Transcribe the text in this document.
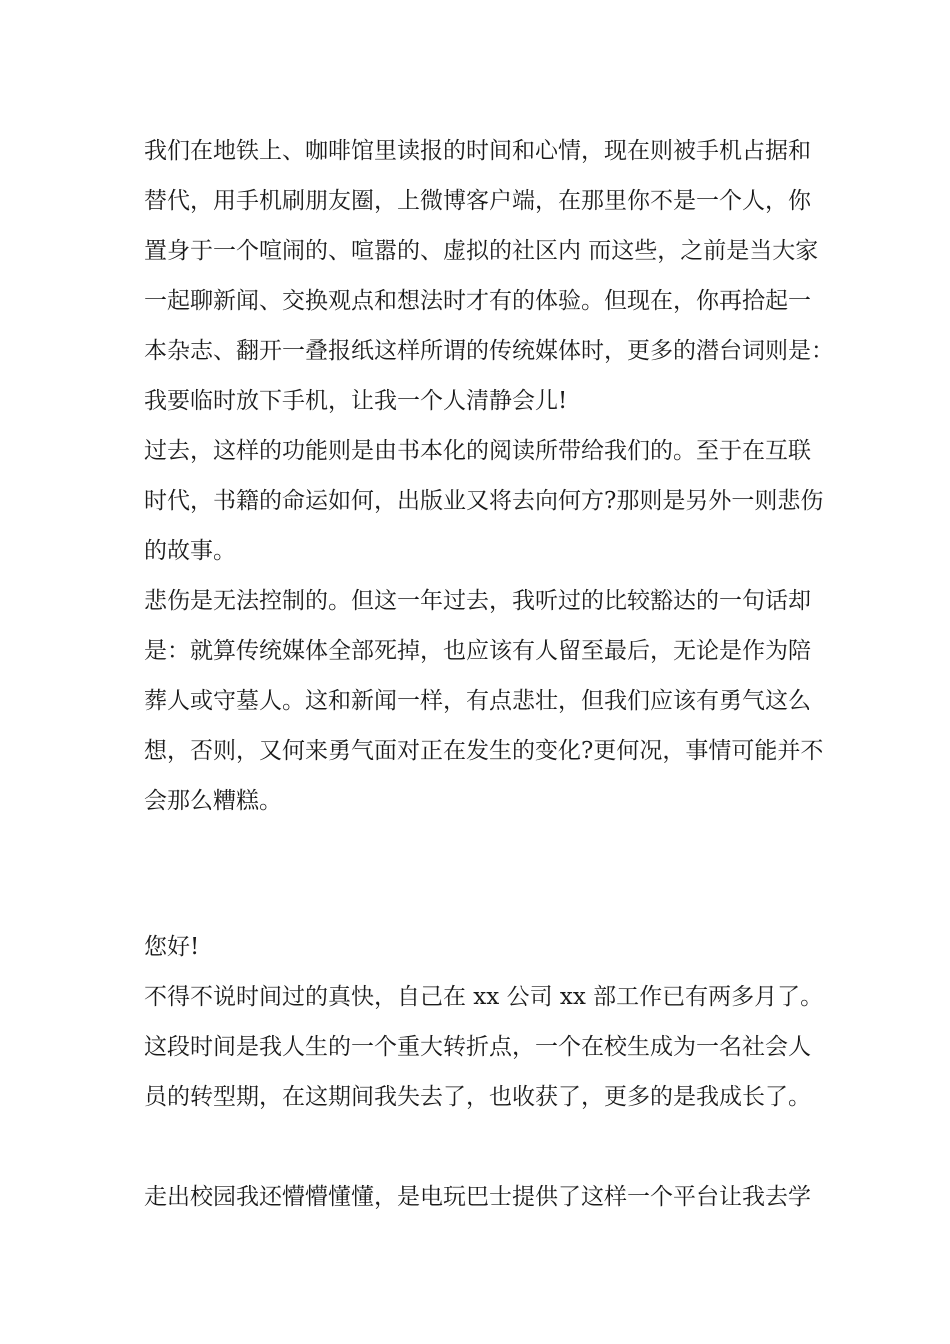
我们在地铁上、咖啡馆里读报的时间和心情，现在则被手机占据和
替代，用手机刷朋友圈，上微博客户端，在那里你不是一个人，你
置身于一个喧闹的、喧嚣的、虚拟的社区内 而这些，之前是当大家
一起聊新闻、交换观点和想法时才有的体验。但现在，你再拾起一
本杂志、翻开一叠报纸这样所谓的传统媒体时，更多的潜台词则是：
我要临时放下手机，让我一个人清静会儿!
过去，这样的功能则是由书本化的阅读所带给我们的。至于在互联
时代，书籍的命运如何，出版业又将去向何方?那则是另外一则悲伤
的故事。
悲伤是无法控制的。但这一年过去，我听过的比较豁达的一句话却
是：就算传统媒体全部死掉，也应该有人留至最后，无论是作为陪
葬人或守墓人。这和新闻一样，有点悲壮，但我们应该有勇气这么
想，否则，又何来勇气面对正在发生的变化?更何况，事情可能并不
会那么糟糕。
您好!
不得不说时间过的真快，自己在 xx 公司 xx 部工作已有两多月了。
这段时间是我人生的一个重大转折点，一个在校生成为一名社会人
员的转型期，在这期间我失去了，也收获了，更多的是我成长了。
走出校园我还懵懵懂懂，是电玩巴士提供了这样一个平台让我去学
